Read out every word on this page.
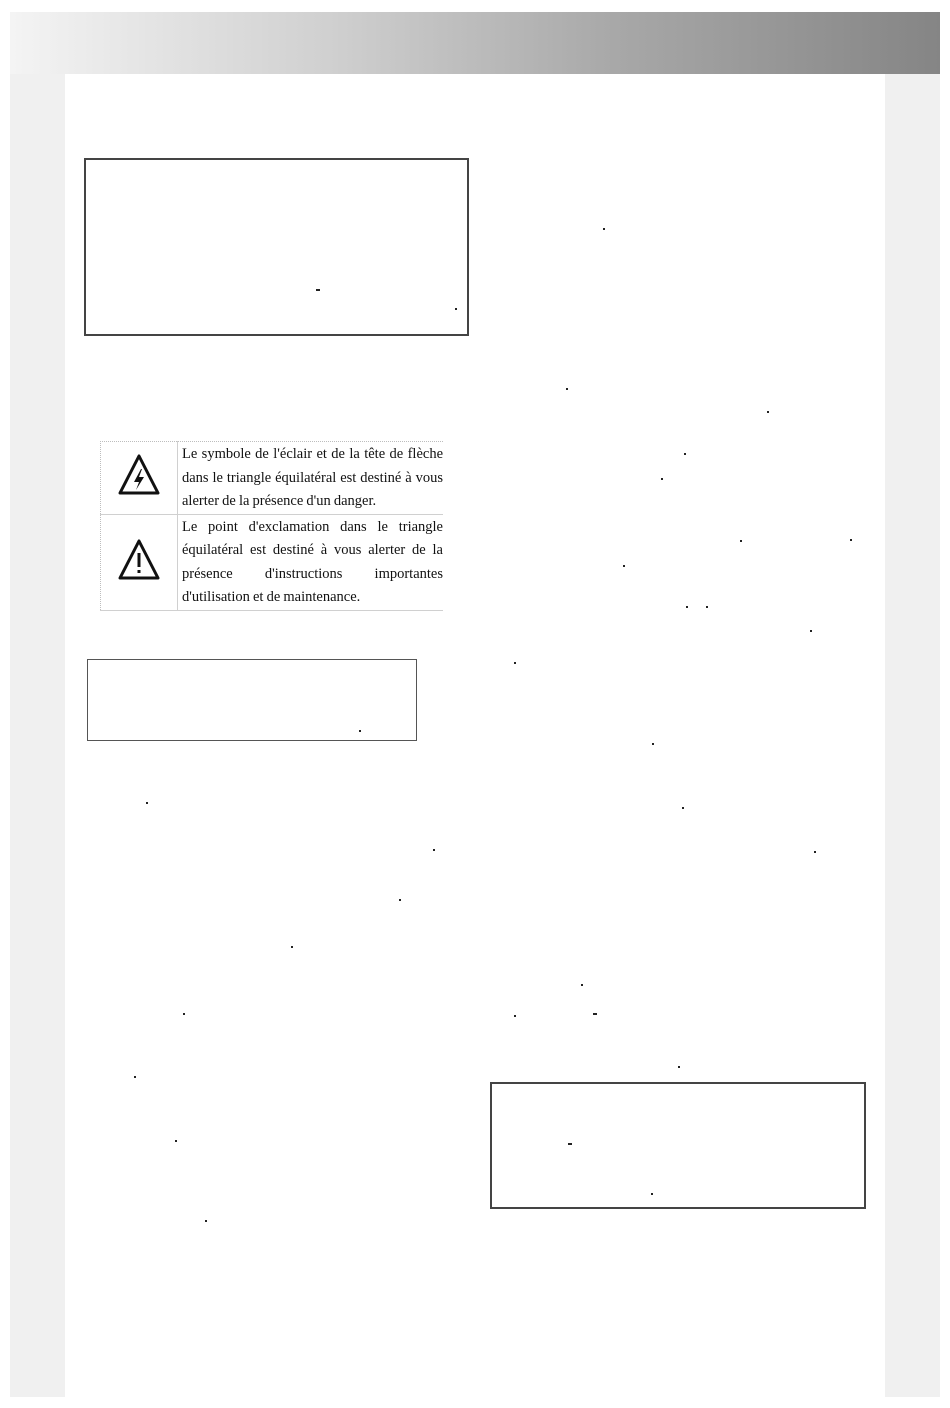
	Le symbole de l'éclair et de la tête de flèche dans le triangle équilatéral est destiné à vous alerter de la présence d'un danger.
	Le point d'exclamation dans le triangle équilatéral est destiné à vous alerter de la présence d'instructions importantes d'utilisation et de maintenance.
